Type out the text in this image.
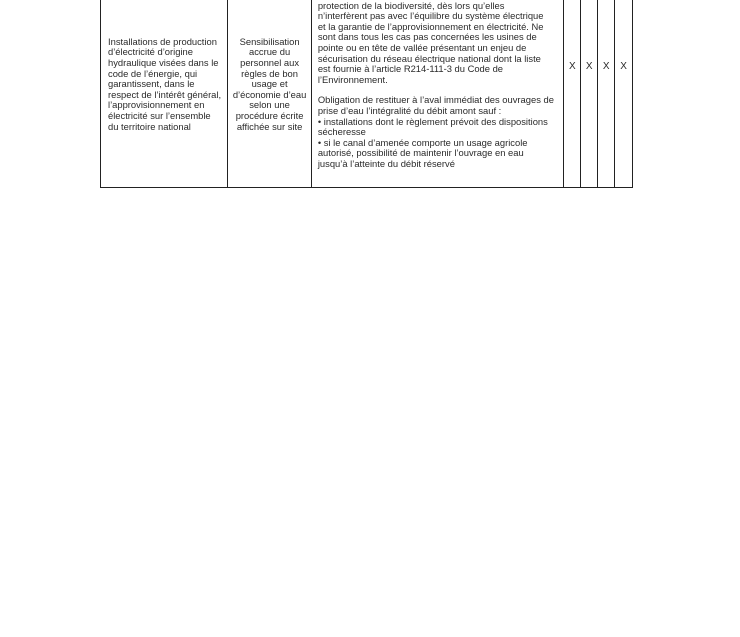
Installations de production
d’électricité d’origine
hydraulique visées dans le
code de l’énergie, qui
garantissent, dans le
respect de l’intérêt général,
l’approvisionnement en
électricité sur l’ensemble
du territoire national
Sensibilisation
accrue du
personnel aux
règles de bon
usage et
d’économie d’eau
selon une
procédure écrite
affichée sur site

protection de la biodiversité, dès lors qu’elles
n’interfèrent pas avec l’équilibre du système électrique
et la garantie de l’approvisionnement en électricité. Ne
sont dans tous les cas pas concernées les usines de
pointe ou en tête de vallée présentant un enjeu de
sécurisation du réseau électrique national dont la liste
est fournie à l’article R214-111-3 du Code de
l’Environnement.

Obligation de restituer à l’aval immédiat des ouvrages de
prise d’eau l’intégralité du débit amont sauf :
• installations dont le règlement prévoit des dispositions
sécheresse
• si le canal d’amenée comporte un usage agricole
autorisé, possibilité de maintenir l’ouvrage en eau
jusqu’à l’atteinte du débit réservé

X X X X
